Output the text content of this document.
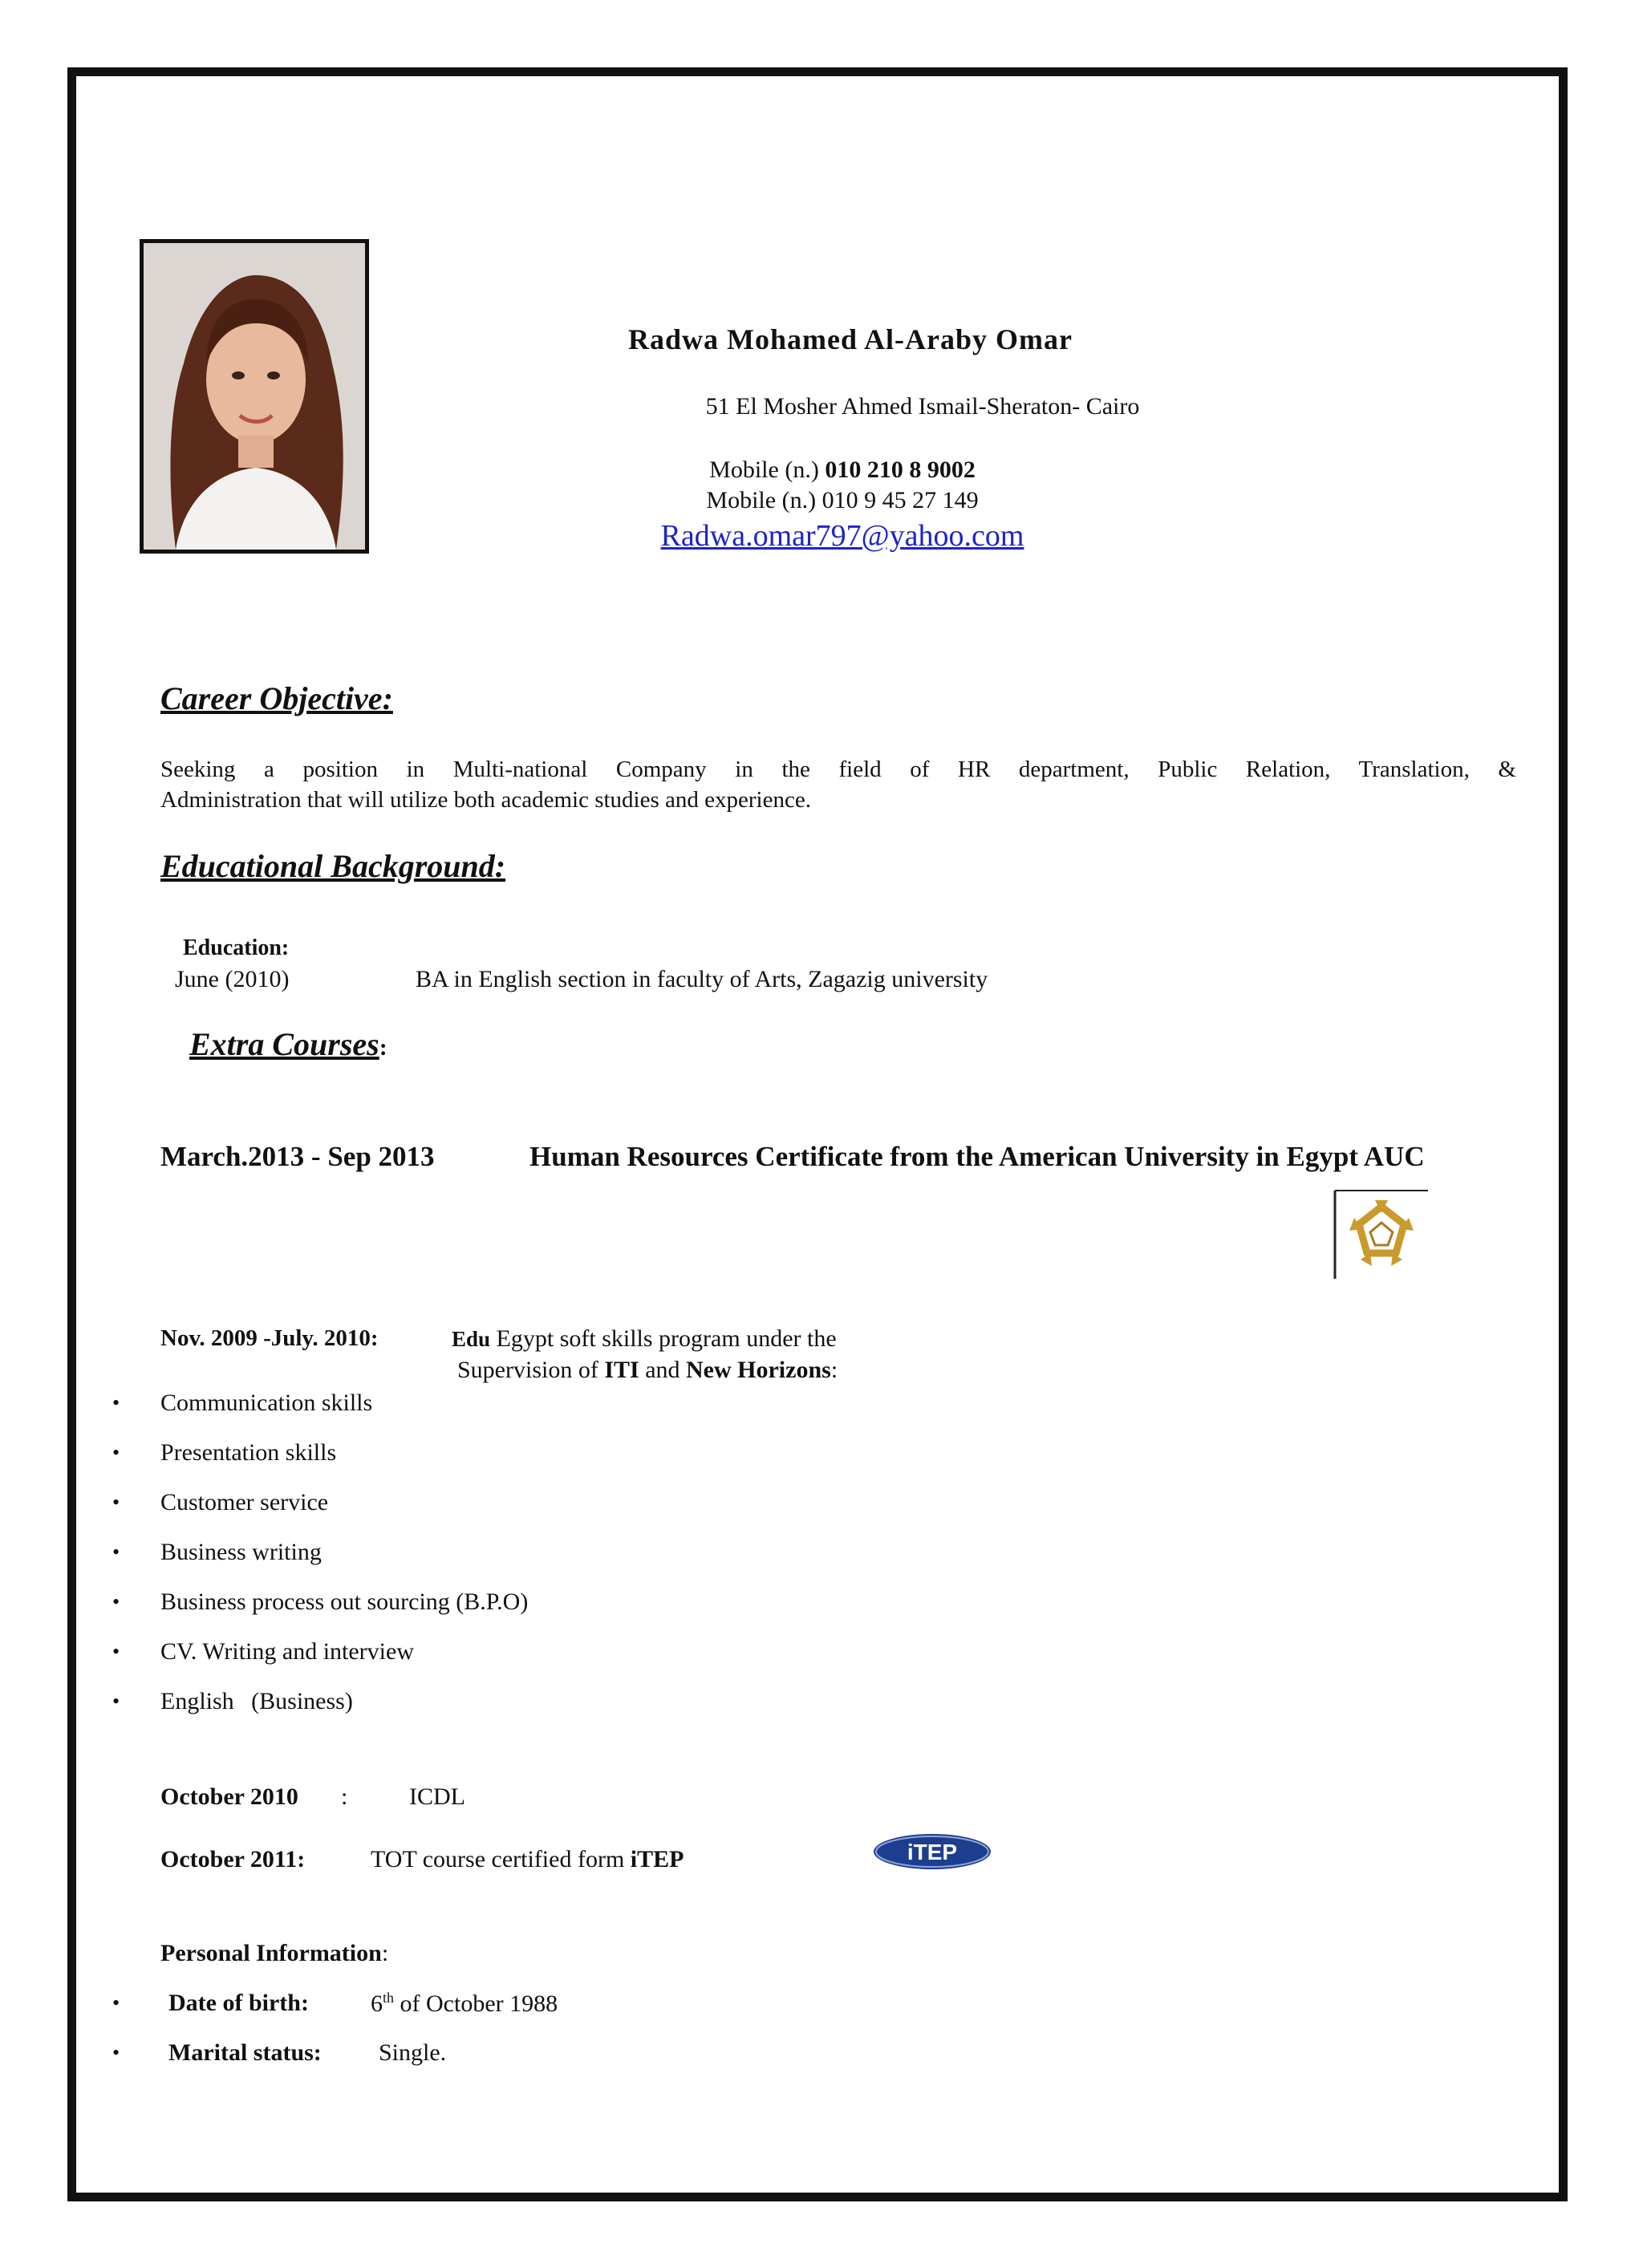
Radwa Mohamed Al-Araby Omar

51 El Mosher Ahmed Ismail-Sheraton- Cairo

Mobile (n.) 010 210 8 9002

Mobile (n.) 010 9 45 27 149

Radwa.omar797@yahoo.com

Career Objective:

Seeking a position in Multi-national Company in the field of HR department, Public Relation, Translation, &
Administration that will utilize both academic studies and experience.

Educational Background:

Education:

June (2010)	BA in English section in faculty of Arts, Zagazig university

Extra Courses:

March.2013 - Sep 2013	Human Resources Certificate from the American University in Egypt AUC

Nov. 2009 -July. 2010:	Edu Egypt soft skills program under the

Supervision of ITI and New Horizons:

• Communication skills

• Presentation skills

• Customer service

• Business writing

• Business process out sourcing (B.P.O)

• CV. Writing and interview

• English (Business)

October 2010 :	ICDL

October 2011:	TOT course certified form iTEP	iTEP

Personal Information:

• Date of birth:	6th of October 1988

• Marital status: Single.
